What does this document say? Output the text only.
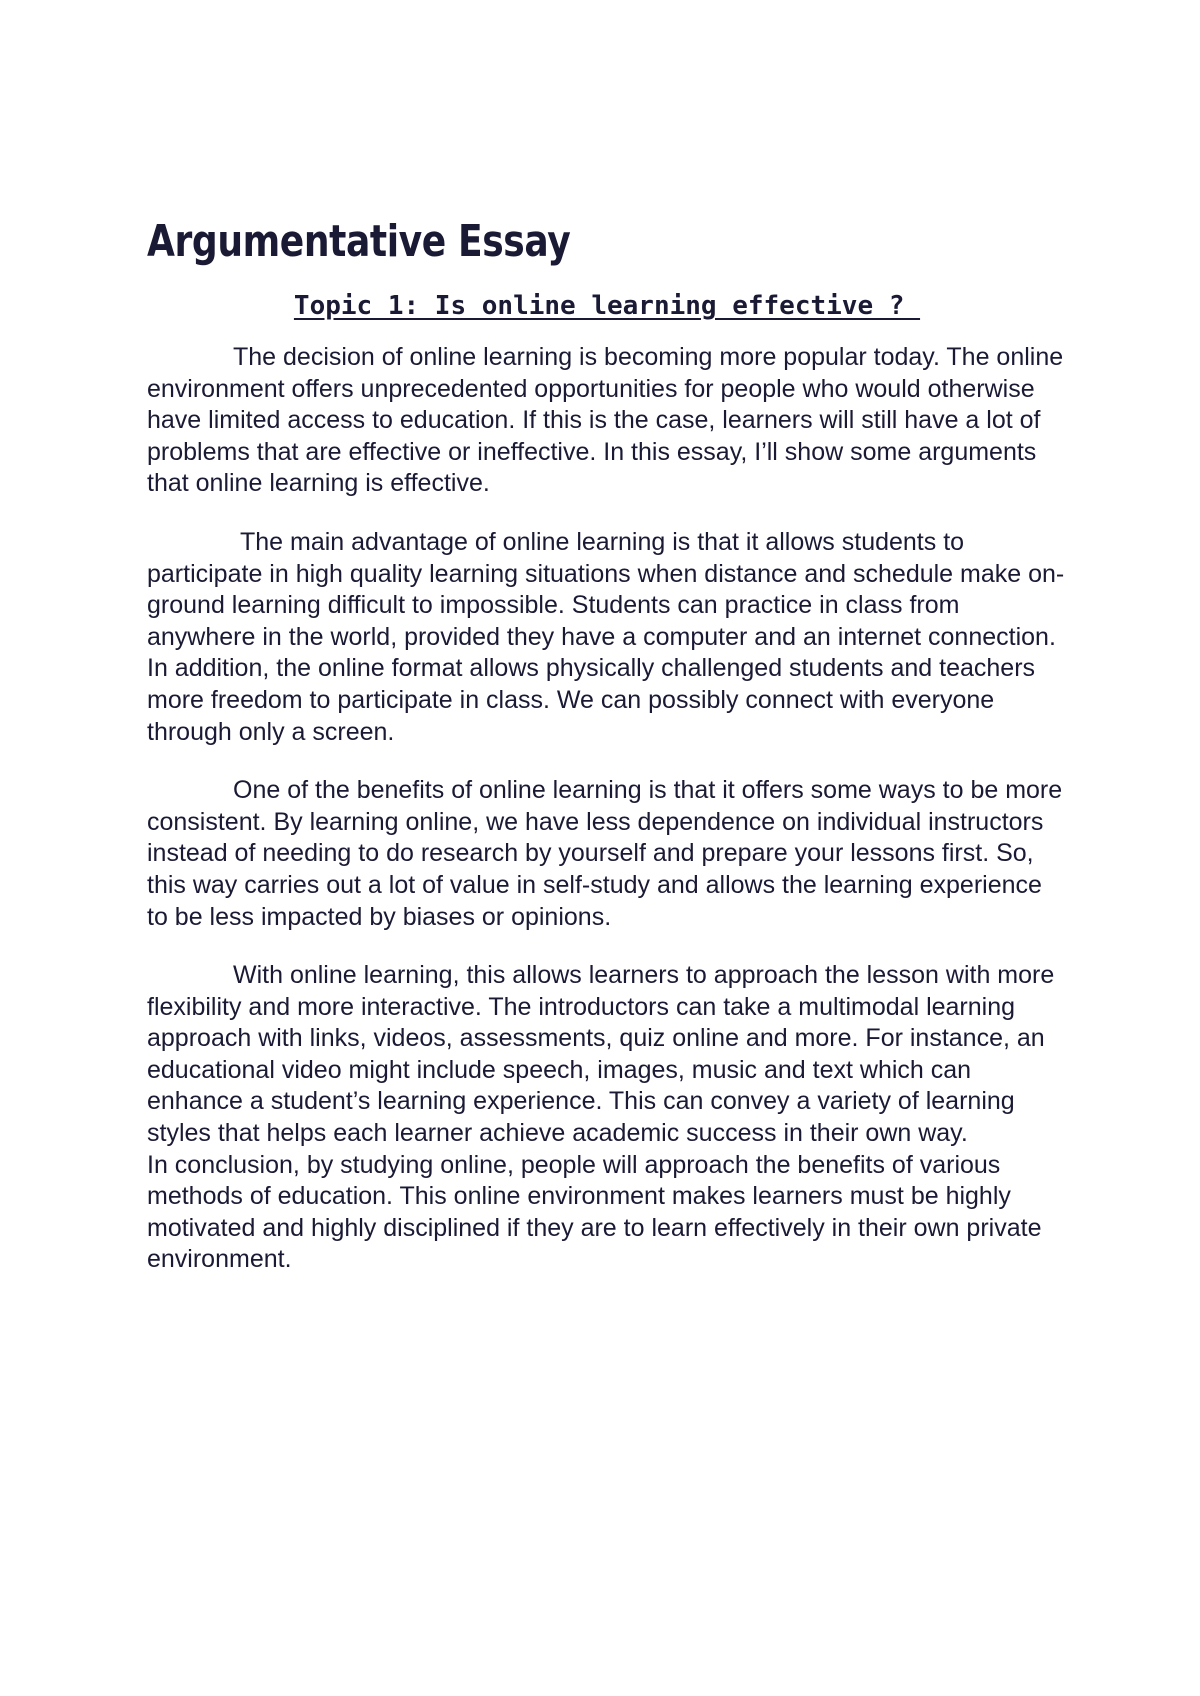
Argumentative Essay

Topic 1: Is online learning effective ?

The decision of online learning is becoming more popular today. The online environment offers unprecedented opportunities for people who would otherwise have limited access to education. If this is the case, learners will still have a lot of problems that are effective or ineffective. In this essay, I’ll show some arguments that online learning is effective.

The main advantage of online learning is that it allows students to participate in high quality learning situations when distance and schedule make on-ground learning difficult to impossible. Students can practice in class from anywhere in the world, provided they have a computer and an internet connection. In addition, the online format allows physically challenged students and teachers more freedom to participate in class. We can possibly connect with everyone through only a screen.

One of the benefits of online learning is that it offers some ways to be more consistent. By learning online, we have less dependence on individual instructors instead of needing to do research by yourself and prepare your lessons first. So, this way carries out a lot of value in self-study and allows the learning experience to be less impacted by biases or opinions.

With online learning, this allows learners to approach the lesson with more flexibility and more interactive. The introductors can take a multimodal learning approach with links, videos, assessments, quiz online and more. For instance, an educational video might include speech, images, music and text which can enhance a student’s learning experience. This can convey a variety of learning styles that helps each learner achieve academic success in their own way.

In conclusion, by studying online, people will approach the benefits of various methods of education. This online environment makes learners must be highly motivated and highly disciplined if they are to learn effectively in their own private environment.
